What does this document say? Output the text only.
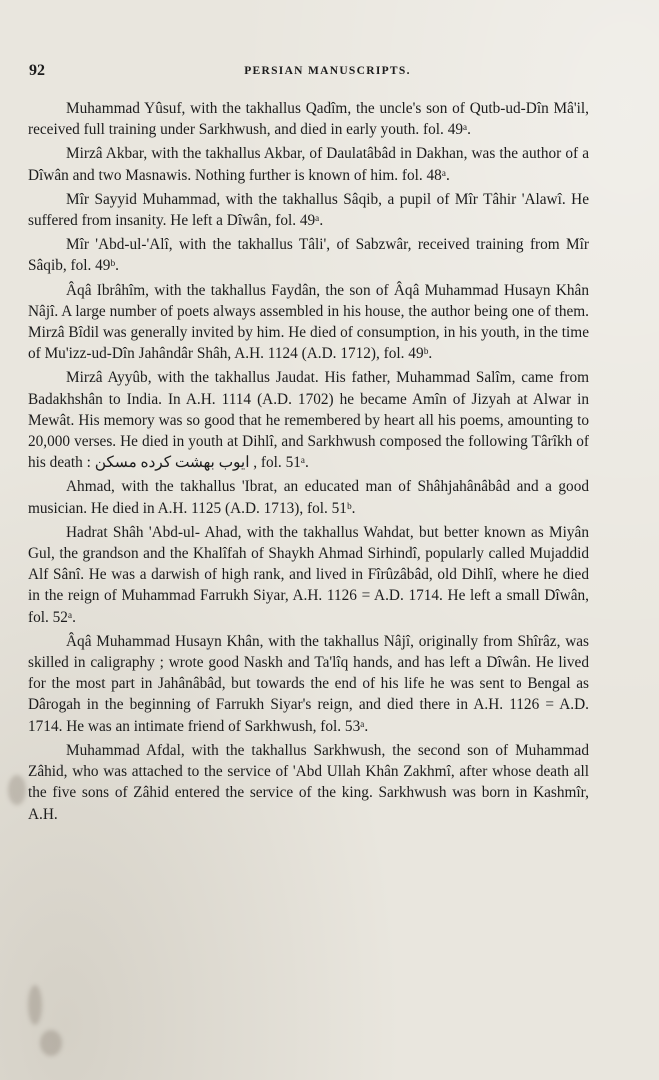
92	PERSIAN MANUSCRIPTS.

Muhammad Yûsuf, with the takhallus Qadîm, the uncle's son of Qutb-ud-Dîn Mâ'il, received full training under Sarkhwush, and died in early youth. fol. 49ᵃ.

Mirzâ Akbar, with the takhallus Akbar, of Daulatâbâd in Dakhan, was the author of a Dîwân and two Masnawis. Nothing further is known of him. fol. 48ᵃ.

Mîr Sayyid Muhammad, with the takhallus Sâqib, a pupil of Mîr Tâhir 'Alawî. He suffered from insanity. He left a Dîwân, fol. 49ᵃ.

Mîr 'Abd-ul-'Alî, with the takhallus Tâli', of Sabzwâr, received training from Mîr Sâqib, fol. 49ᵇ.

Âqâ Ibrâhîm, with the takhallus Faydân, the son of Âqâ Muhammad Husayn Khân Nâjî. A large number of poets always assembled in his house, the author being one of them. Mirzâ Bîdil was generally invited by him. He died of consumption, in his youth, in the time of Mu'izz-ud-Dîn Jahândâr Shâh, A.H. 1124 (A.D. 1712), fol. 49ᵇ.

Mirzâ Ayyûb, with the takhallus Jaudat. His father, Muhammad Salîm, came from Badakhshân to India. In A.H. 1114 (A.D. 1702) he became Amîn of Jizyah at Alwar in Mewât. His memory was so good that he remembered by heart all his poems, amounting to 20,000 verses. He died in youth at Dihlî, and Sarkhwush composed the following Târîkh of his death : ایوب بهشت کرده مسکن , fol. 51ᵃ.

Ahmad, with the takhallus 'Ibrat, an educated man of Shâhjahânâbâd and a good musician. He died in A.H. 1125 (A.D. 1713), fol. 51ᵇ.

Hadrat Shâh 'Abd-ul- Ahad, with the takhallus Wahdat, but better known as Miyân Gul, the grandson and the Khalîfah of Shaykh Ahmad Sirhindî, popularly called Mujaddid Alf Sânî. He was a darwish of high rank, and lived in Fîrûzâbâd, old Dihlî, where he died in the reign of Muhammad Farrukh Siyar, A.H. 1126 = A.D. 1714. He left a small Dîwân, fol. 52ᵃ.

Âqâ Muhammad Husayn Khân, with the takhallus Nâjî, originally from Shîrâz, was skilled in caligraphy ; wrote good Naskh and Ta'lîq hands, and has left a Dîwân. He lived for the most part in Jahânâbâd, but towards the end of his life he was sent to Bengal as Dârogah in the beginning of Farrukh Siyar's reign, and died there in A.H. 1126 = A.D. 1714. He was an intimate friend of Sarkhwush, fol. 53ᵃ.

Muhammad Afdal, with the takhallus Sarkhwush, the second son of Muhammad Zâhid, who was attached to the service of 'Abd Ullah Khân Zakhmî, after whose death all the five sons of Zâhid entered the service of the king. Sarkhwush was born in Kashmîr, A.H.
